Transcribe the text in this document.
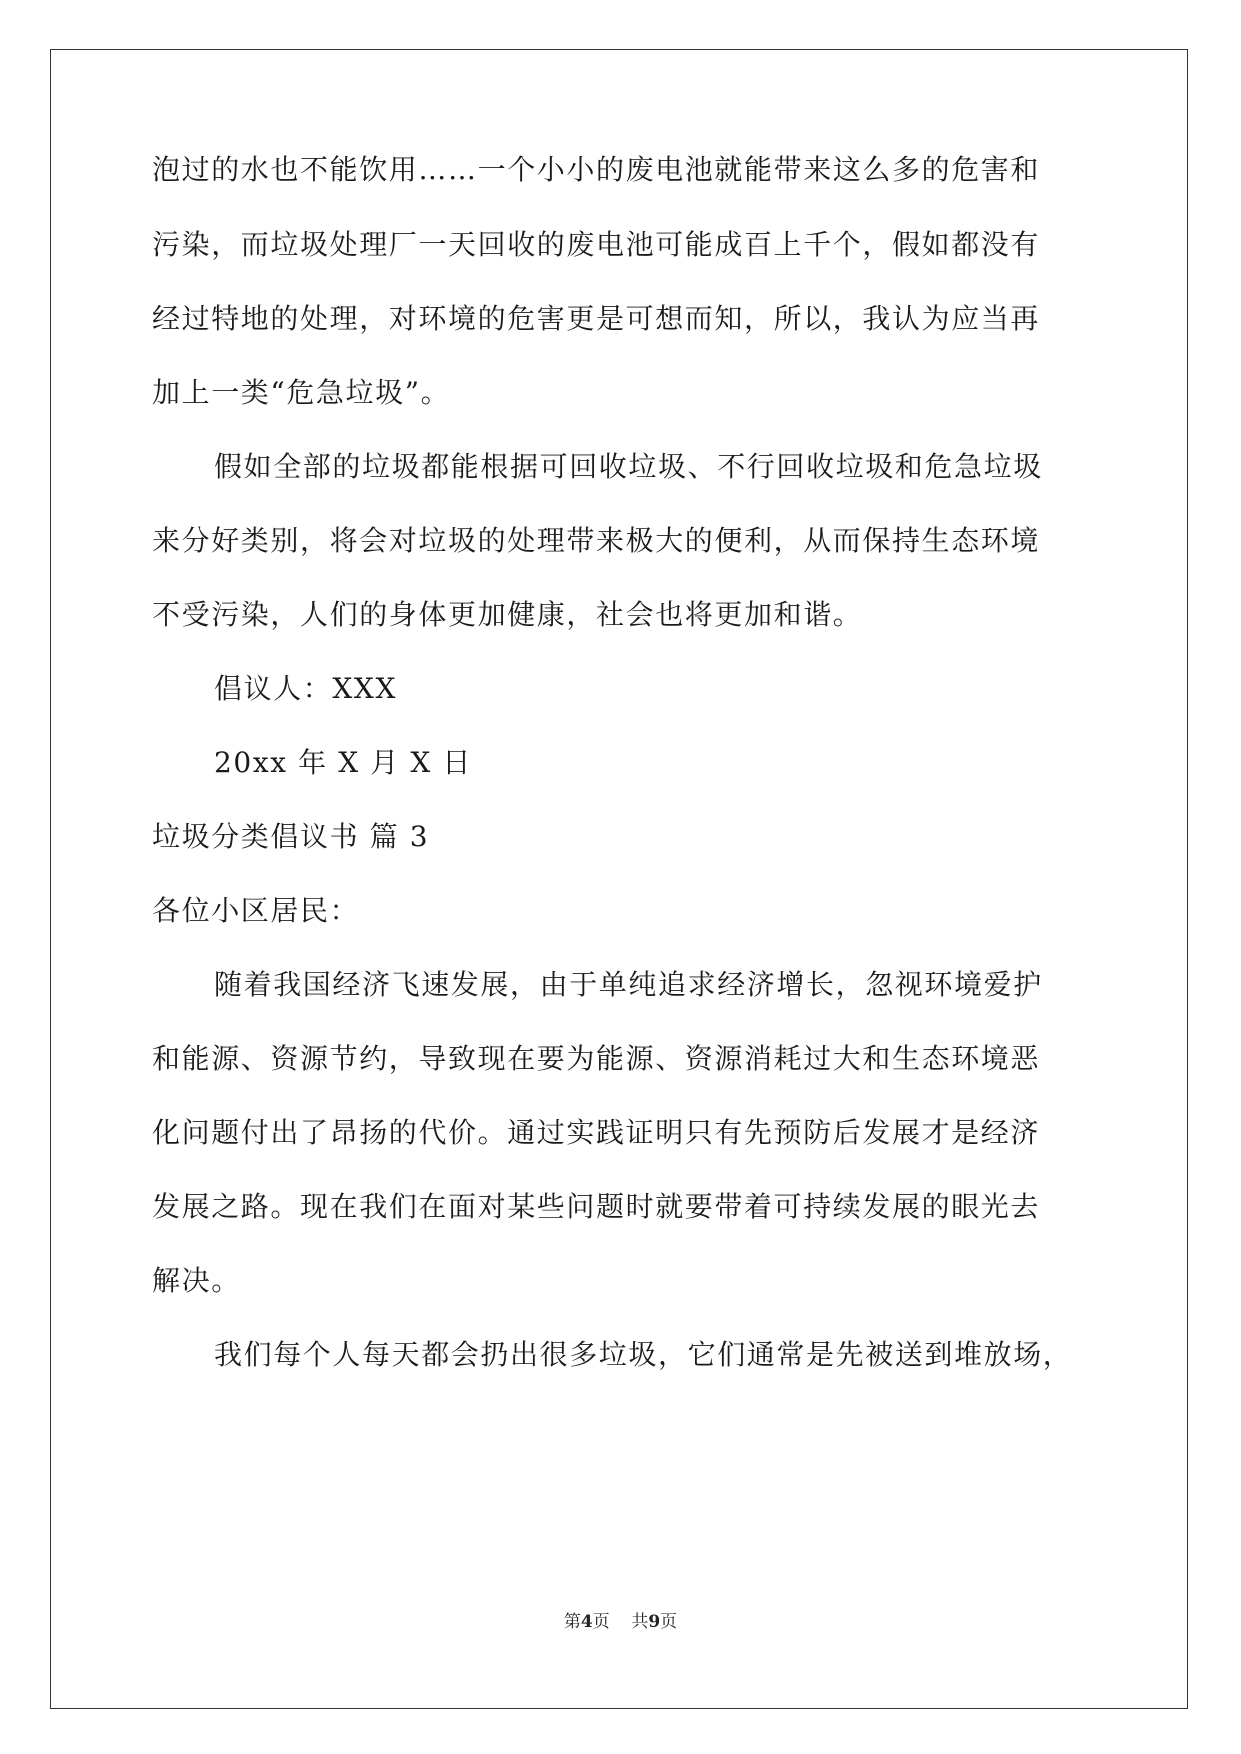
泡过的水也不能饮用……一个小小的废电池就能带来这么多的危害和
污染，而垃圾处理厂一天回收的废电池可能成百上千个，假如都没有
经过特地的处理，对环境的危害更是可想而知，所以，我认为应当再
加上一类“危急垃圾”。
假如全部的垃圾都能根据可回收垃圾、不行回收垃圾和危急垃圾
来分好类别，将会对垃圾的处理带来极大的便利，从而保持生态环境
不受污染，人们的身体更加健康，社会也将更加和谐。
倡议人：XXX
20xx 年 X 月 X 日
垃圾分类倡议书 篇 3
各位小区居民：
随着我国经济飞速发展，由于单纯追求经济增长，忽视环境爱护
和能源、资源节约，导致现在要为能源、资源消耗过大和生态环境恶
化问题付出了昂扬的代价。通过实践证明只有先预防后发展才是经济
发展之路。现在我们在面对某些问题时就要带着可持续发展的眼光去
解决。
我们每个人每天都会扔出很多垃圾，它们通常是先被送到堆放场，
第4页 共9页
